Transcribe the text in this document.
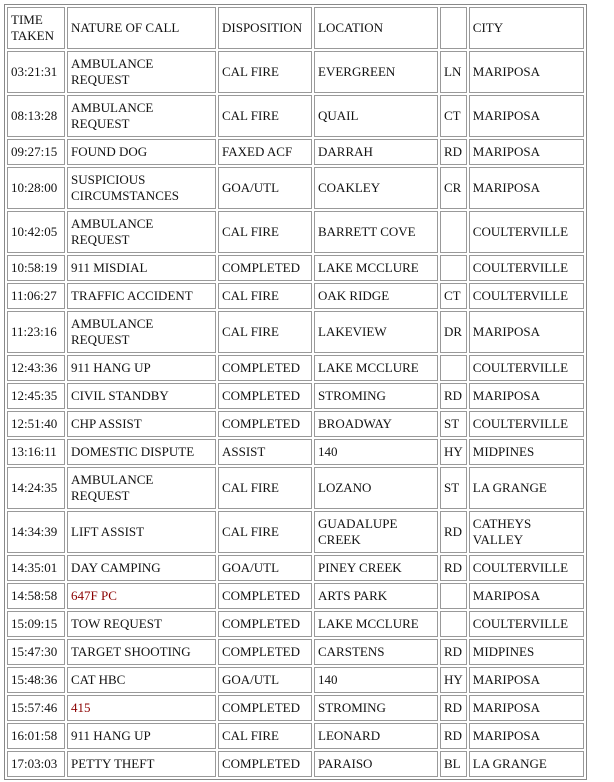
TIME TAKEN	NATURE OF CALL	DISPOSITION	LOCATION		CITY
03:21:31	AMBULANCE REQUEST	CAL FIRE	EVERGREEN	LN	MARIPOSA
08:13:28	AMBULANCE REQUEST	CAL FIRE	QUAIL	CT	MARIPOSA
09:27:15	FOUND DOG	FAXED ACF	DARRAH	RD	MARIPOSA
10:28:00	SUSPICIOUS CIRCUMSTANCES	GOA/UTL	COAKLEY	CR	MARIPOSA
10:42:05	AMBULANCE REQUEST	CAL FIRE	BARRETT COVE		COULTERVILLE
10:58:19	911 MISDIAL	COMPLETED	LAKE MCCLURE		COULTERVILLE
11:06:27	TRAFFIC ACCIDENT	CAL FIRE	OAK RIDGE	CT	COULTERVILLE
11:23:16	AMBULANCE REQUEST	CAL FIRE	LAKEVIEW	DR	MARIPOSA
12:43:36	911 HANG UP	COMPLETED	LAKE MCCLURE		COULTERVILLE
12:45:35	CIVIL STANDBY	COMPLETED	STROMING	RD	MARIPOSA
12:51:40	CHP ASSIST	COMPLETED	BROADWAY	ST	COULTERVILLE
13:16:11	DOMESTIC DISPUTE	ASSIST	140	HY	MIDPINES
14:24:35	AMBULANCE REQUEST	CAL FIRE	LOZANO	ST	LA GRANGE
14:34:39	LIFT ASSIST	CAL FIRE	GUADALUPE CREEK	RD	CATHEYS VALLEY
14:35:01	DAY CAMPING	GOA/UTL	PINEY CREEK	RD	COULTERVILLE
14:58:58	647F PC	COMPLETED	ARTS PARK		MARIPOSA
15:09:15	TOW REQUEST	COMPLETED	LAKE MCCLURE		COULTERVILLE
15:47:30	TARGET SHOOTING	COMPLETED	CARSTENS	RD	MIDPINES
15:48:36	CAT HBC	GOA/UTL	140	HY	MARIPOSA
15:57:46	415	COMPLETED	STROMING	RD	MARIPOSA
16:01:58	911 HANG UP	CAL FIRE	LEONARD	RD	MARIPOSA
17:03:03	PETTY THEFT	COMPLETED	PARAISO	BL	LA GRANGE
